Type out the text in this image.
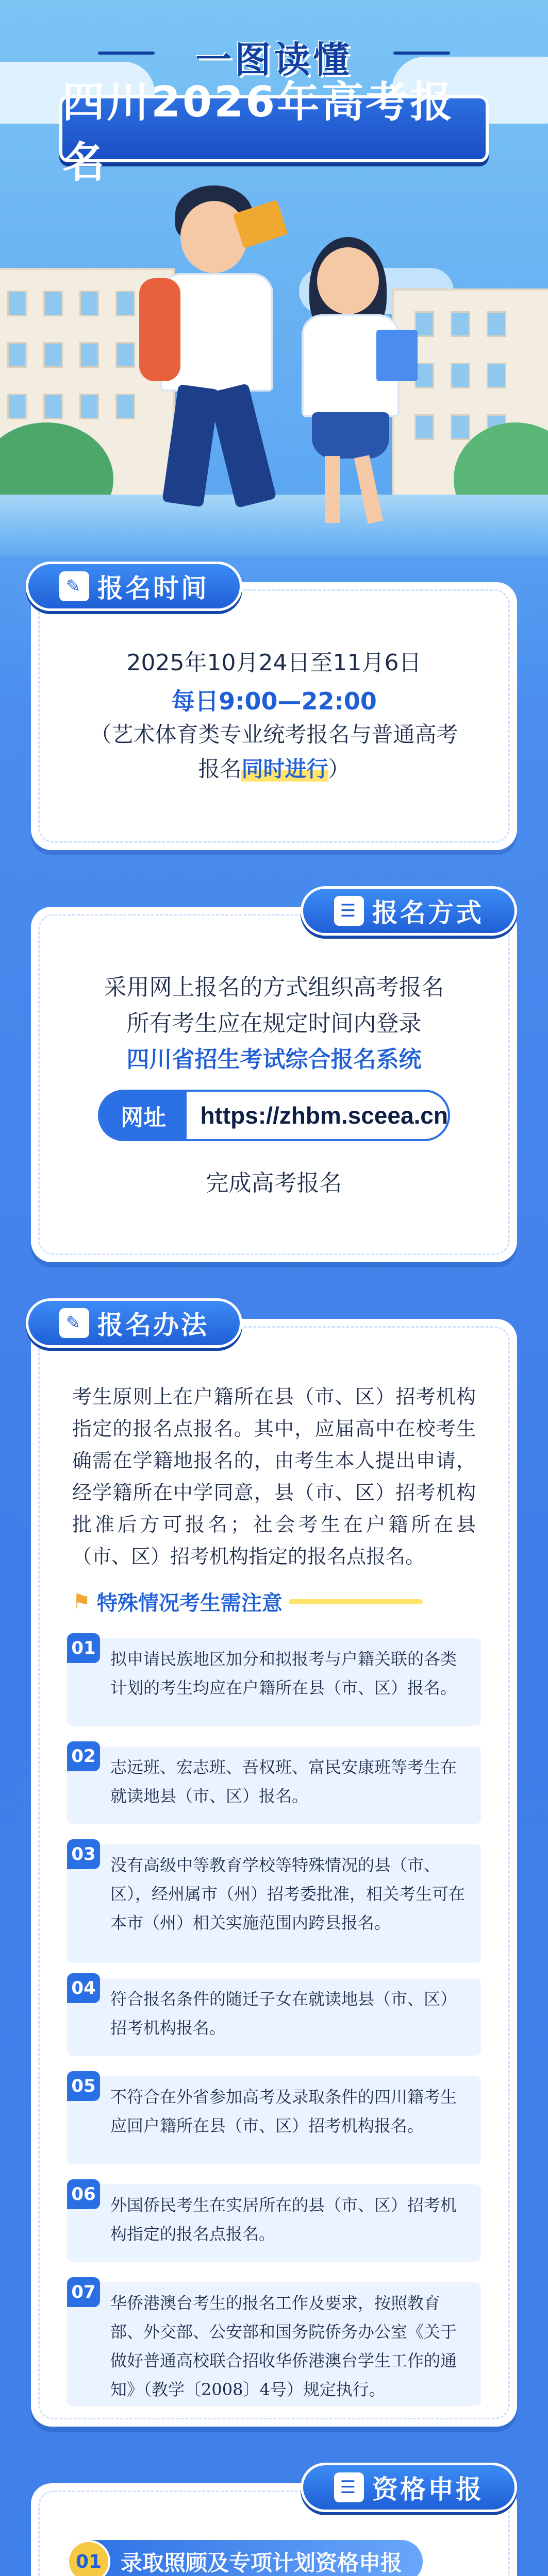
一图读懂
四川2026年高考报名
✎ 报名时间
2025年10月24日至11月6日
每日9:00—22:00
（艺术体育类专业统考报名与普通高考
报名同时进行）
☰ 报名方式
采用网上报名的方式组织高考报名
所有考生应在规定时间内登录
四川省招生考试综合报名系统
网址	https://zhbm.sceea.cn
完成高考报名
✎ 报名办法
考生原则上在户籍所在县（市、区）招考机构指定的报名点报名。其中，应届高中在校考生确需在学籍地报名的，由考生本人提出申请，经学籍所在中学同意，县（市、区）招考机构批准后方可报名；社会考生在户籍所在县（市、区）招考机构指定的报名点报名。
⚑ 特殊情况考生需注意
拟申请民族地区加分和拟报考与户籍关联的各类计划的考生均应在户籍所在县（市、区）报名。
01
志远班、宏志班、吾权班、富民安康班等考生在就读地县（市、区）报名。
02
没有高级中等教育学校等特殊情况的县（市、区），经州属市（州）招考委批准，相关考生可在本市（州）相关实施范围内跨县报名。
03
符合报名条件的随迁子女在就读地县（市、区）招考机构报名。
04
不符合在外省参加高考及录取条件的四川籍考生应回户籍所在县（市、区）招考机构报名。
05
外国侨民考生在实居所在的县（市、区）招考机构指定的报名点报名。
06
华侨港澳台考生的报名工作及要求，按照教育部、外交部、公安部和国务院侨务办公室《关于做好普通高校联合招收华侨港澳台学生工作的通知》（教学〔2008〕4号）规定执行。
07
☰ 资格申报
01 录取照顾及专项计划资格申报
